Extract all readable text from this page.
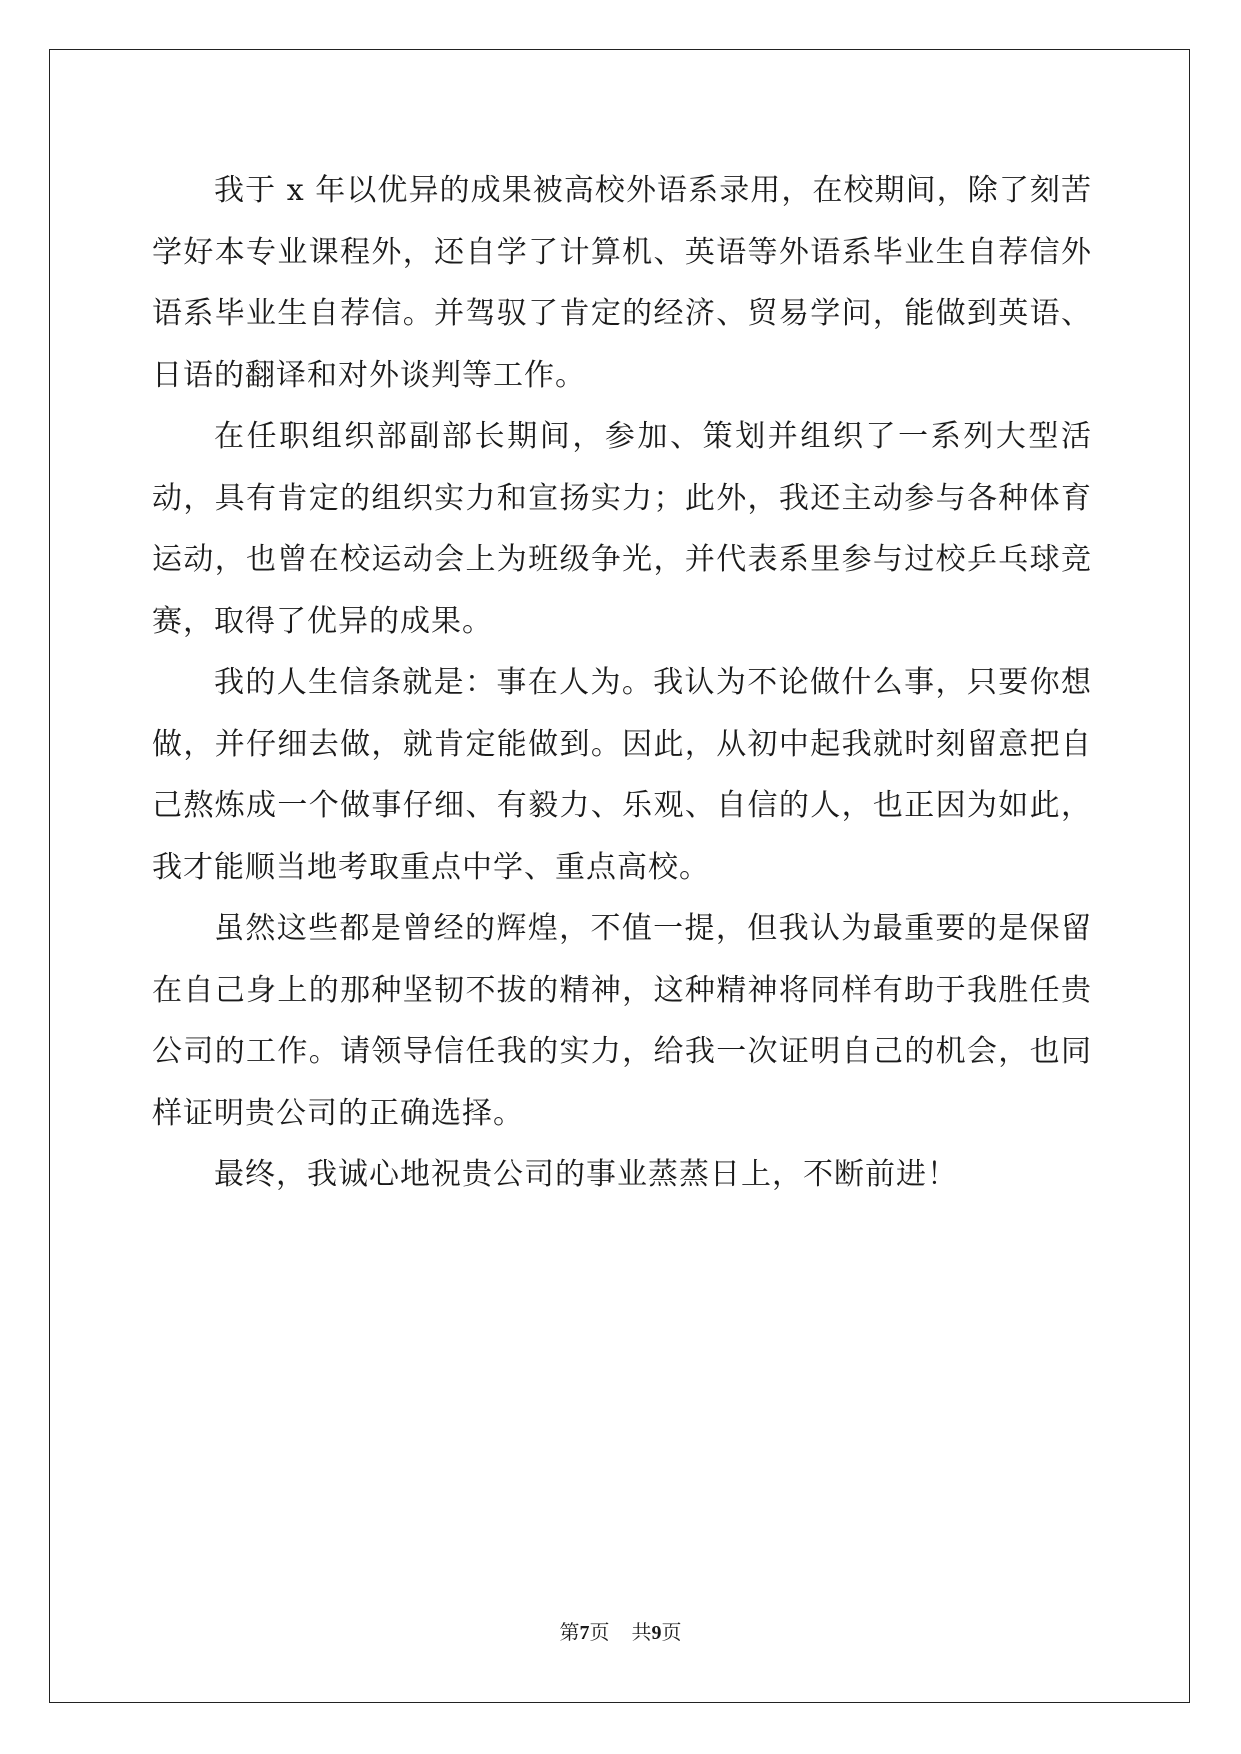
我于 x 年以优异的成果被高校外语系录用，在校期间，除了刻苦学好本专业课程外，还自学了计算机、英语等外语系毕业生自荐信外语系毕业生自荐信。并驾驭了肯定的经济、贸易学问，能做到英语、日语的翻译和对外谈判等工作。

在任职组织部副部长期间，参加、策划并组织了一系列大型活动，具有肯定的组织实力和宣扬实力；此外，我还主动参与各种体育运动，也曾在校运动会上为班级争光，并代表系里参与过校乒乓球竞赛，取得了优异的成果。

我的人生信条就是：事在人为。我认为不论做什么事，只要你想做，并仔细去做，就肯定能做到。因此，从初中起我就时刻留意把自己熬炼成一个做事仔细、有毅力、乐观、自信的人，也正因为如此，我才能顺当地考取重点中学、重点高校。

虽然这些都是曾经的辉煌，不值一提，但我认为最重要的是保留在自己身上的那种坚韧不拔的精神，这种精神将同样有助于我胜任贵公司的工作。请领导信任我的实力，给我一次证明自己的机会，也同样证明贵公司的正确选择。

最终，我诚心地祝贵公司的事业蒸蒸日上，不断前进！

第7页 共9页
